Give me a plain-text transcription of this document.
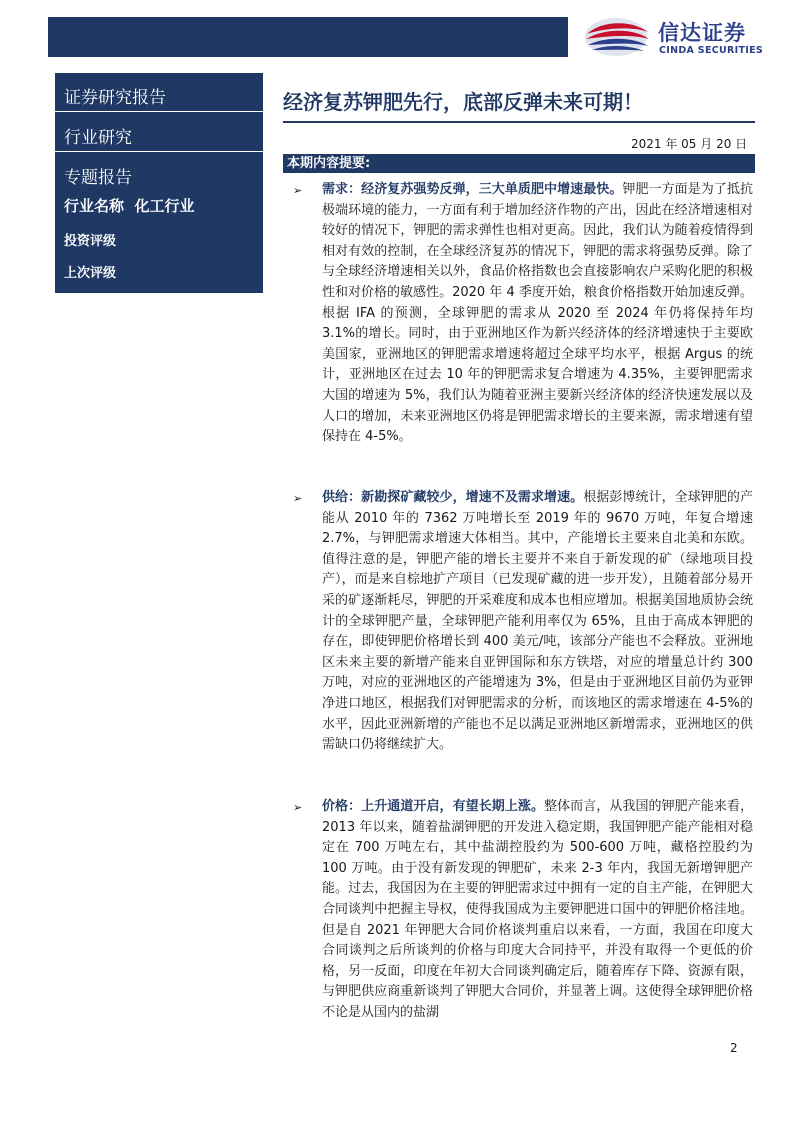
信达证券
CINDA SECURITIES
证券研究报告
行业研究
专题报告
行业名称 化工行业
投资评级
上次评级
经济复苏钾肥先行，底部反弹未来可期！
2021 年 05 月 20 日
本期内容提要:
➢ 需求：经济复苏强势反弹，三大单质肥中增速最快。钾肥一方面是为了抵抗极端环境的能力，一方面有利于增加经济作物的产出，因此在经济增速相对较好的情况下，钾肥的需求弹性也相对更高。因此，我们认为随着疫情得到相对有效的控制，在全球经济复苏的情况下，钾肥的需求将强势反弹。除了与全球经济增速相关以外，食品价格指数也会直接影响农户采购化肥的积极性和对价格的敏感性。2020 年 4 季度开始，粮食价格指数开始加速反弹。根据 IFA 的预测，全球钾肥的需求从 2020 至 2024 年仍将保持年均 3.1%的增长。同时，由于亚洲地区作为新兴经济体的经济增速快于主要欧美国家，亚洲地区的钾肥需求增速将超过全球平均水平，根据 Argus 的统计，亚洲地区在过去 10 年的钾肥需求复合增速为 4.35%，主要钾肥需求大国的增速为 5%，我们认为随着亚洲主要新兴经济体的经济快速发展以及人口的增加，未来亚洲地区仍将是钾肥需求增长的主要来源，需求增速有望保持在 4-5%。

➢ 供给：新勘探矿藏较少，增速不及需求增速。根据彭博统计，全球钾肥的产能从 2010 年的 7362 万吨增长至 2019 年的 9670 万吨，年复合增速 2.7%，与钾肥需求增速大体相当。其中，产能增长主要来自北美和东欧。值得注意的是，钾肥产能的增长主要并不来自于新发现的矿（绿地项目投产），而是来自棕地扩产项目（已发现矿藏的进一步开发），且随着部分易开采的矿逐渐耗尽，钾肥的开采难度和成本也相应增加。根据美国地质协会统计的全球钾肥产量，全球钾肥产能利用率仅为 65%，且由于高成本钾肥的存在，即使钾肥价格增长到 400 美元/吨，该部分产能也不会释放。亚洲地区未来主要的新增产能来自亚钾国际和东方铁塔，对应的增量总计约 300 万吨，对应的亚洲地区的产能增速为 3%，但是由于亚洲地区目前仍为亚钾净进口地区，根据我们对钾肥需求的分析，而该地区的需求增速在 4-5%的水平，因此亚洲新增的产能也不足以满足亚洲地区新增需求，亚洲地区的供需缺口仍将继续扩大。

➢ 价格：上升通道开启，有望长期上涨。整体而言，从我国的钾肥产能来看，2013 年以来，随着盐湖钾肥的开发进入稳定期，我国钾肥产能产能相对稳定在 700 万吨左右，其中盐湖控股约为 500-600 万吨，藏格控股约为 100 万吨。由于没有新发现的钾肥矿，未来 2-3 年内，我国无新增钾肥产能。过去，我国因为在主要的钾肥需求过中拥有一定的自主产能，在钾肥大合同谈判中把握主导权，使得我国成为主要钾肥进口国中的钾肥价格洼地。但是自 2021 年钾肥大合同价格谈判重启以来看，一方面，我国在印度大合同谈判之后所谈判的价格与印度大合同持平，并没有取得一个更低的价格，另一反面，印度在年初大合同谈判确定后，随着库存下降、资源有限，与钾肥供应商重新谈判了钾肥大合同价，并显著上调。这使得全球钾肥价格不论是从国内的盐湖

2
